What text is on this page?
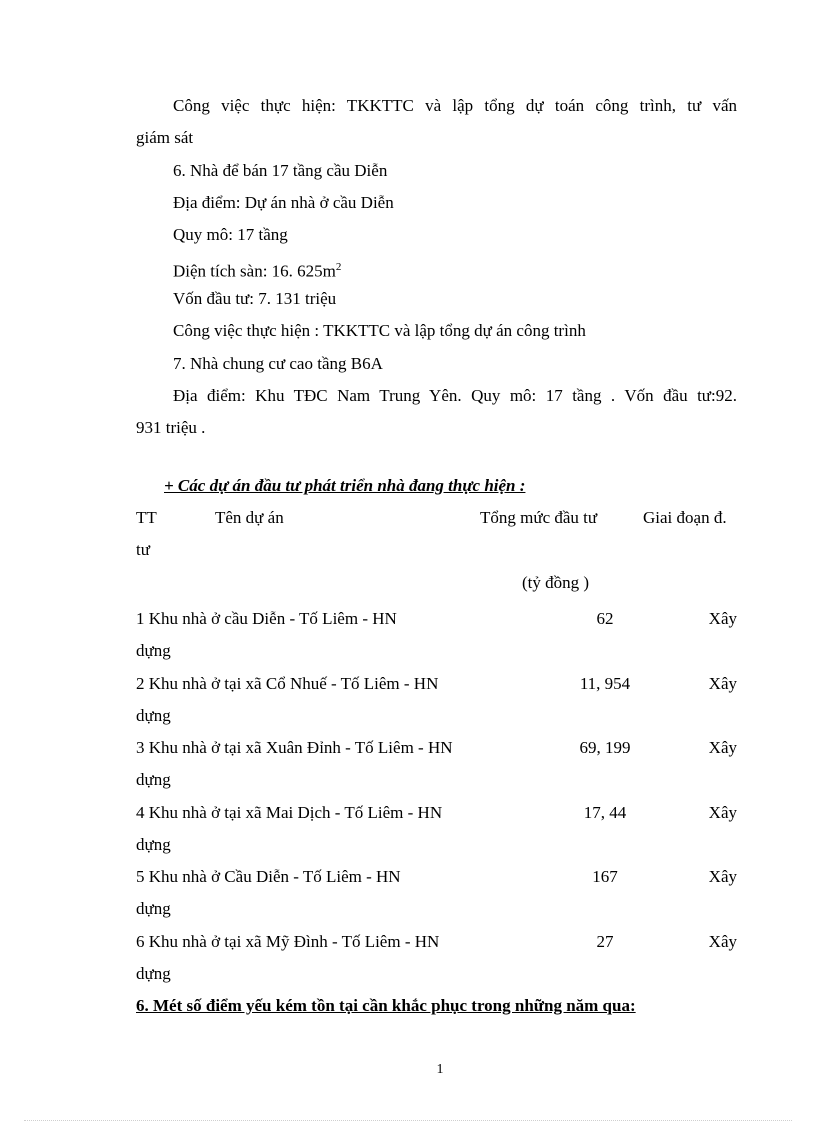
Công việc thực hiện: TKKTTC và lập tổng dự toán công trình, tư vấn
giám sát
6. Nhà để bán 17 tầng cầu Diễn
Địa điểm: Dự án nhà ở cầu Diễn
Quy mô: 17 tầng
Diện tích sàn: 16. $625m^2$
Vốn đầu tư: 7. 131 triệu
Công việc thực hiện : TKKTTC và lập tổng dự án công trình
7. Nhà chung cư cao tầng B6A
Địa điểm: Khu TĐC Nam Trung Yên. Quy mô: 17 tầng . Vốn đầu tư:92.
931 triệu .
+ Các dự án đầu tư phát triển nhà đang thực hiện :
TT	Tên dự án	Tổng mức đầu tư	Giai đoạn đ.
tư
(tỷ đồng )
1 Khu nhà ở cầu Diễn - Tố Liêm - HN	62	Xây
dựng
2 Khu nhà ở tại xã Cổ Nhuế - Tố Liêm - HN	11, 954	Xây
dựng
3 Khu nhà ở tại xã Xuân Đỉnh - Tố Liêm - HN	69, 199	Xây
dựng
4 Khu nhà ở tại xã Mai Dịch - Tố Liêm - HN	17, 44	Xây
dựng
5 Khu nhà ở Cầu Diễn - Tố Liêm - HN	167	Xây
dựng
6 Khu nhà ở tại xã Mỹ Đình - Tố Liêm - HN	27	Xây
dựng
6. Mét số điểm yếu kém tồn tại cần khắc phục trong những năm qua:
1
